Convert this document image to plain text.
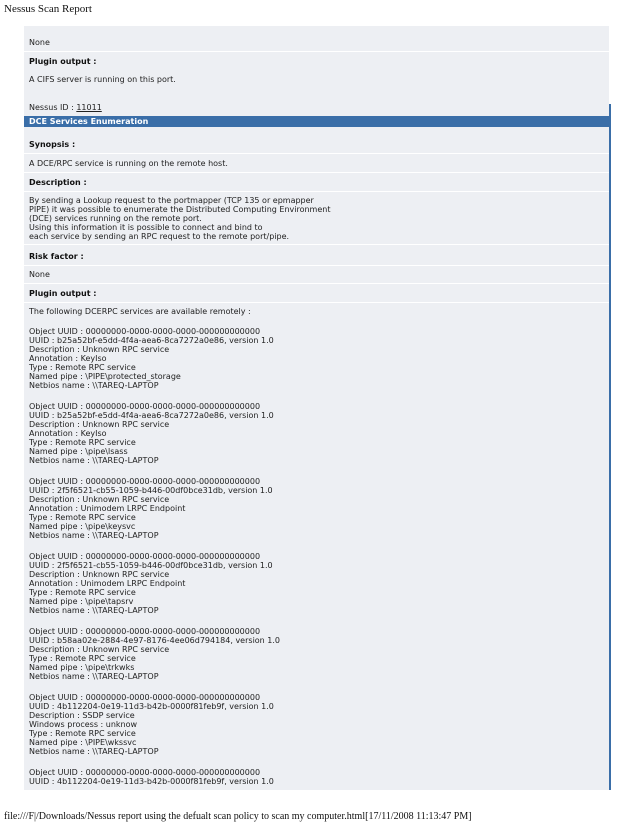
Nessus Scan Report
None
Plugin output :
A CIFS server is running on this port.
Nessus ID : 11011
DCE Services Enumeration
Synopsis :
A DCE/RPC service is running on the remote host.
Description :
By sending a Lookup request to the portmapper (TCP 135 or epmapper
PIPE) it was possible to enumerate the Distributed Computing Environment
(DCE) services running on the remote port.
Using this information it is possible to connect and bind to
each service by sending an RPC request to the remote port/pipe.
Risk factor :
None
Plugin output :
The following DCERPC services are available remotely :
Object UUID : 00000000-0000-0000-0000-000000000000
UUID : b25a52bf-e5dd-4f4a-aea6-8ca7272a0e86, version 1.0
Description : Unknown RPC service
Annotation : KeyIso
Type : Remote RPC service
Named pipe : \PIPE\protected_storage
Netbios name : \\TAREQ-LAPTOP
Object UUID : 00000000-0000-0000-0000-000000000000
UUID : b25a52bf-e5dd-4f4a-aea6-8ca7272a0e86, version 1.0
Description : Unknown RPC service
Annotation : KeyIso
Type : Remote RPC service
Named pipe : \pipe\lsass
Netbios name : \\TAREQ-LAPTOP
Object UUID : 00000000-0000-0000-0000-000000000000
UUID : 2f5f6521-cb55-1059-b446-00df0bce31db, version 1.0
Description : Unknown RPC service
Annotation : Unimodem LRPC Endpoint
Type : Remote RPC service
Named pipe : \pipe\keysvc
Netbios name : \\TAREQ-LAPTOP
Object UUID : 00000000-0000-0000-0000-000000000000
UUID : 2f5f6521-cb55-1059-b446-00df0bce31db, version 1.0
Description : Unknown RPC service
Annotation : Unimodem LRPC Endpoint
Type : Remote RPC service
Named pipe : \pipe\tapsrv
Netbios name : \\TAREQ-LAPTOP
Object UUID : 00000000-0000-0000-0000-000000000000
UUID : b58aa02e-2884-4e97-8176-4ee06d794184, version 1.0
Description : Unknown RPC service
Type : Remote RPC service
Named pipe : \pipe\trkwks
Netbios name : \\TAREQ-LAPTOP
Object UUID : 00000000-0000-0000-0000-000000000000
UUID : 4b112204-0e19-11d3-b42b-0000f81feb9f, version 1.0
Description : SSDP service
Windows process : unknow
Type : Remote RPC service
Named pipe : \PIPE\wkssvc
Netbios name : \\TAREQ-LAPTOP
Object UUID : 00000000-0000-0000-0000-000000000000
UUID : 4b112204-0e19-11d3-b42b-0000f81feb9f, version 1.0
file:///F|/Downloads/Nessus report using the defualt scan policy to scan my computer.html[17/11/2008 11:13:47 PM]
